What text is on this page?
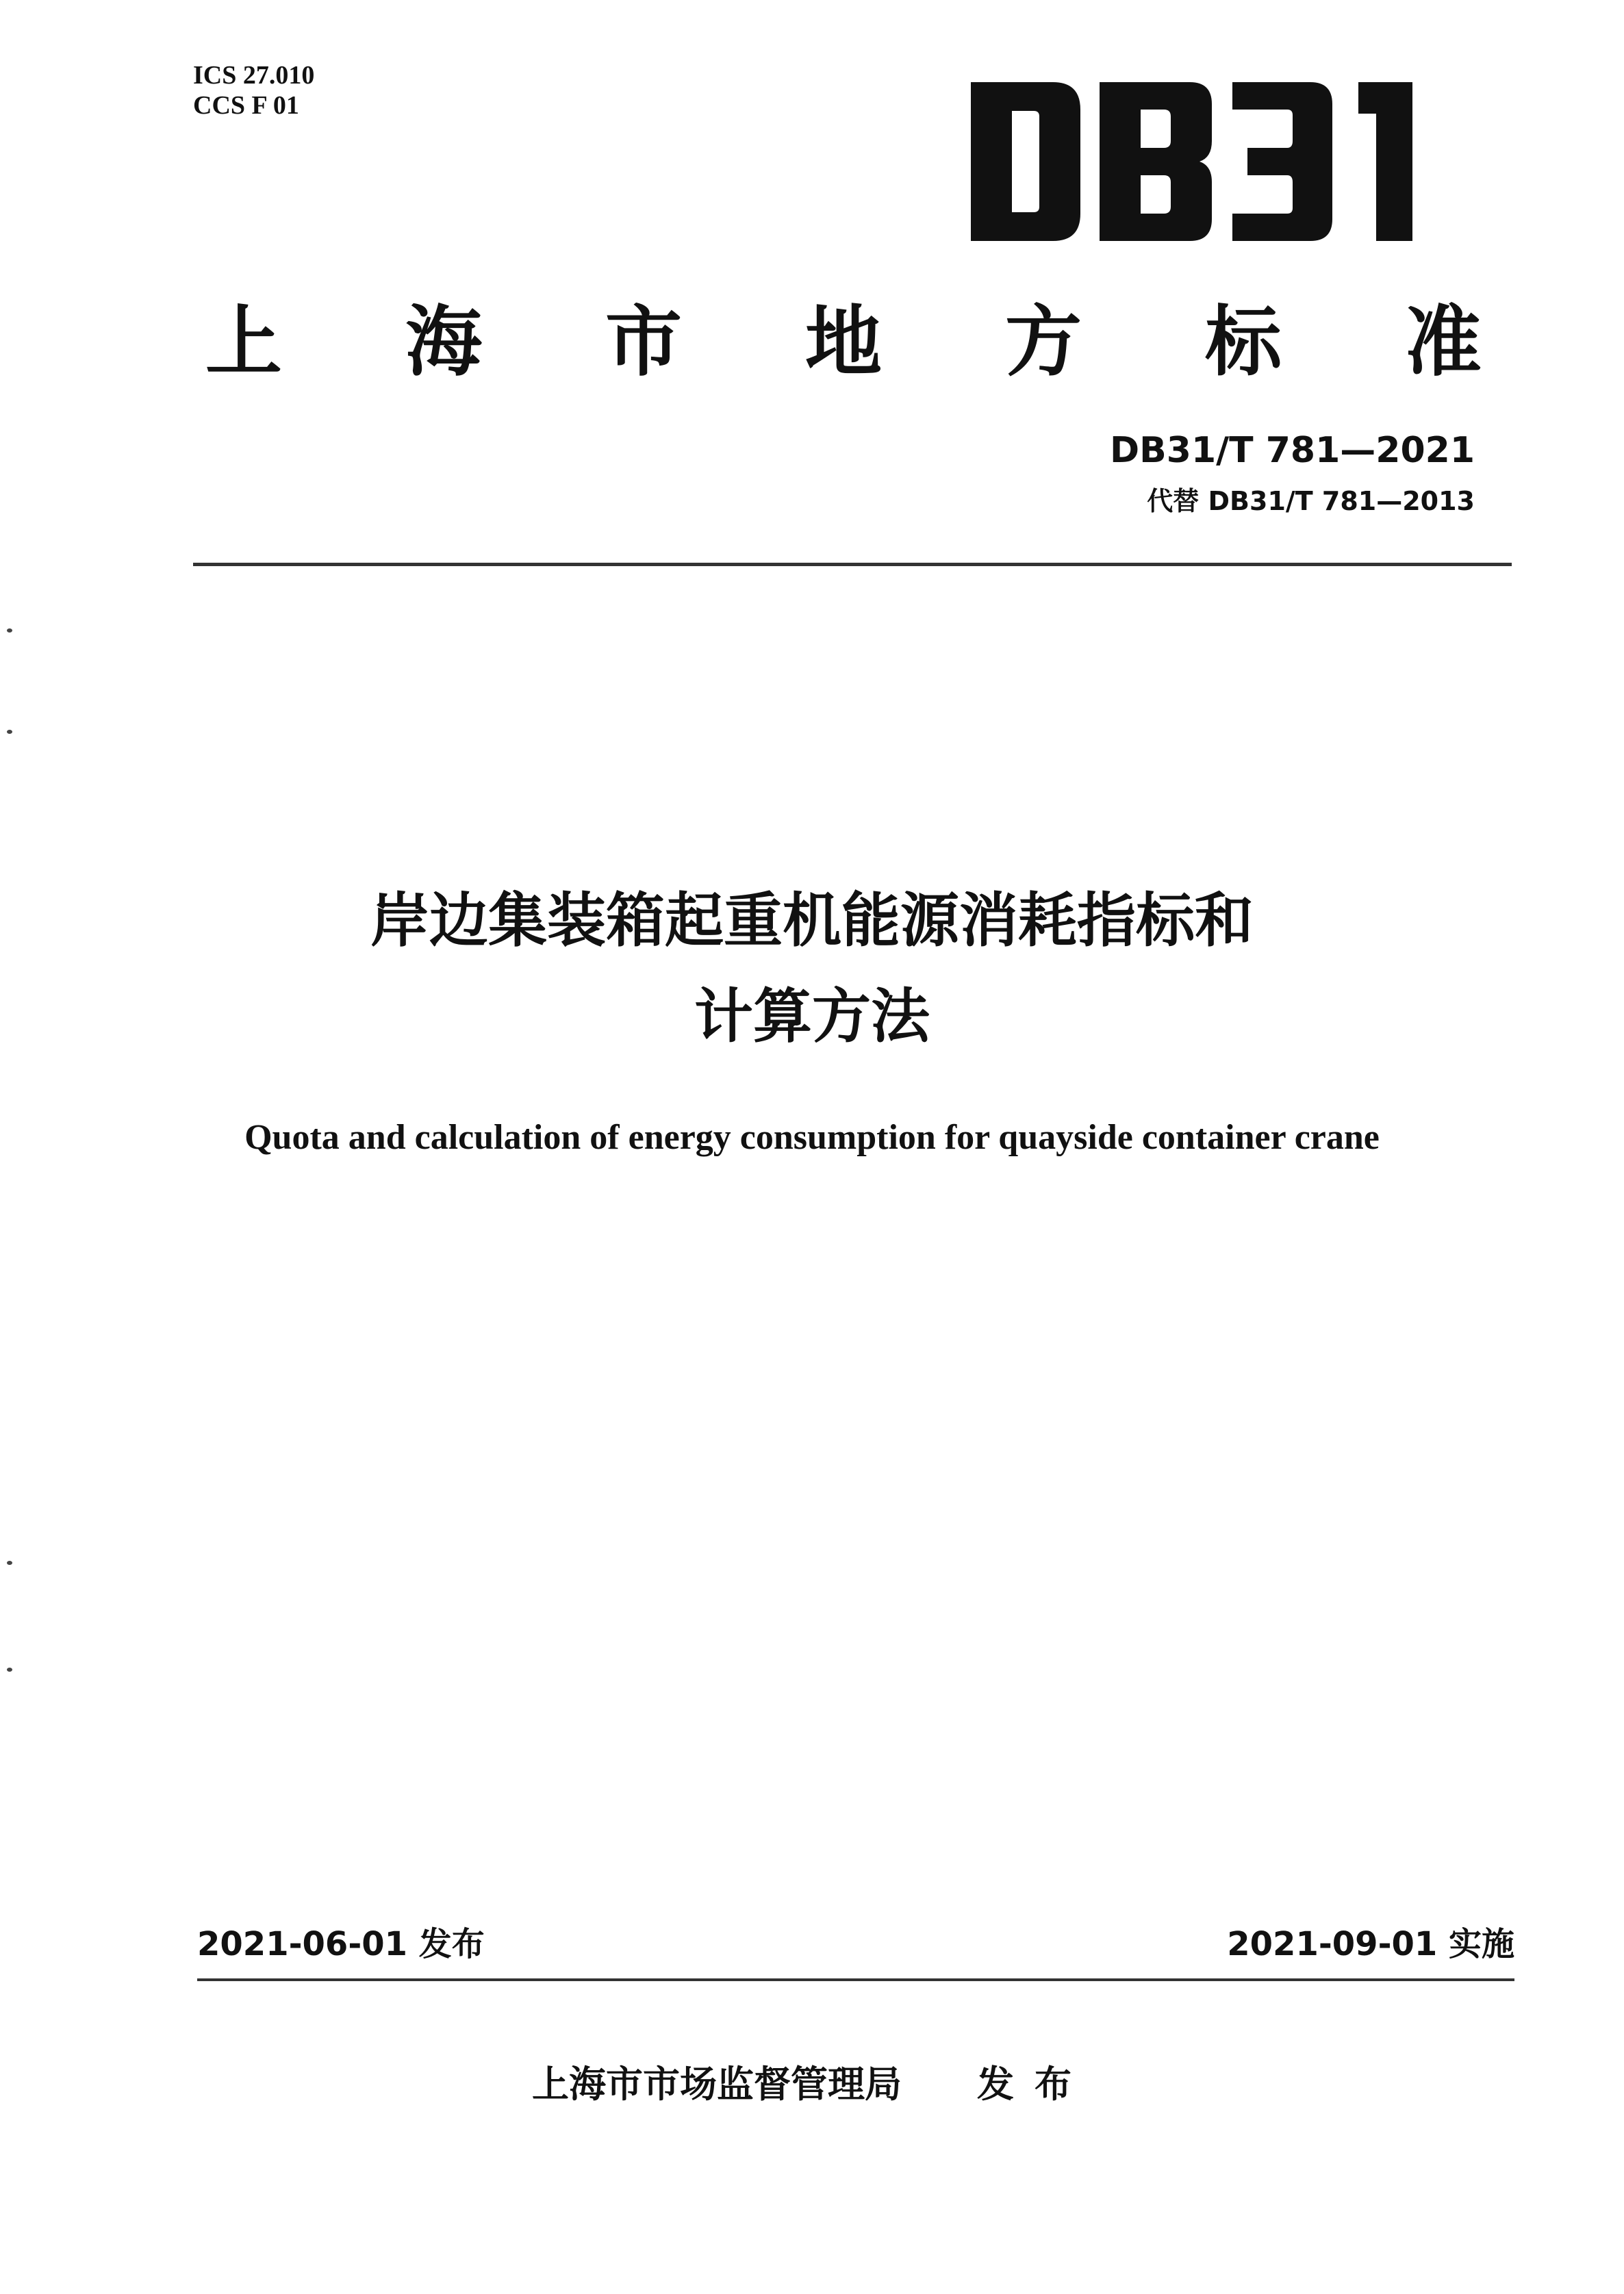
ICS 27.010
CCS F 01
上海市地方标准
DB31/T 781—2021
代替 DB31/T 781—2013
岸边集装箱起重机能源消耗指标和
计算方法
Quota and calculation of energy consumption for quayside container crane
2021-06-01 发布	2021-09-01 实施
上海市市场监督管理局 发布
